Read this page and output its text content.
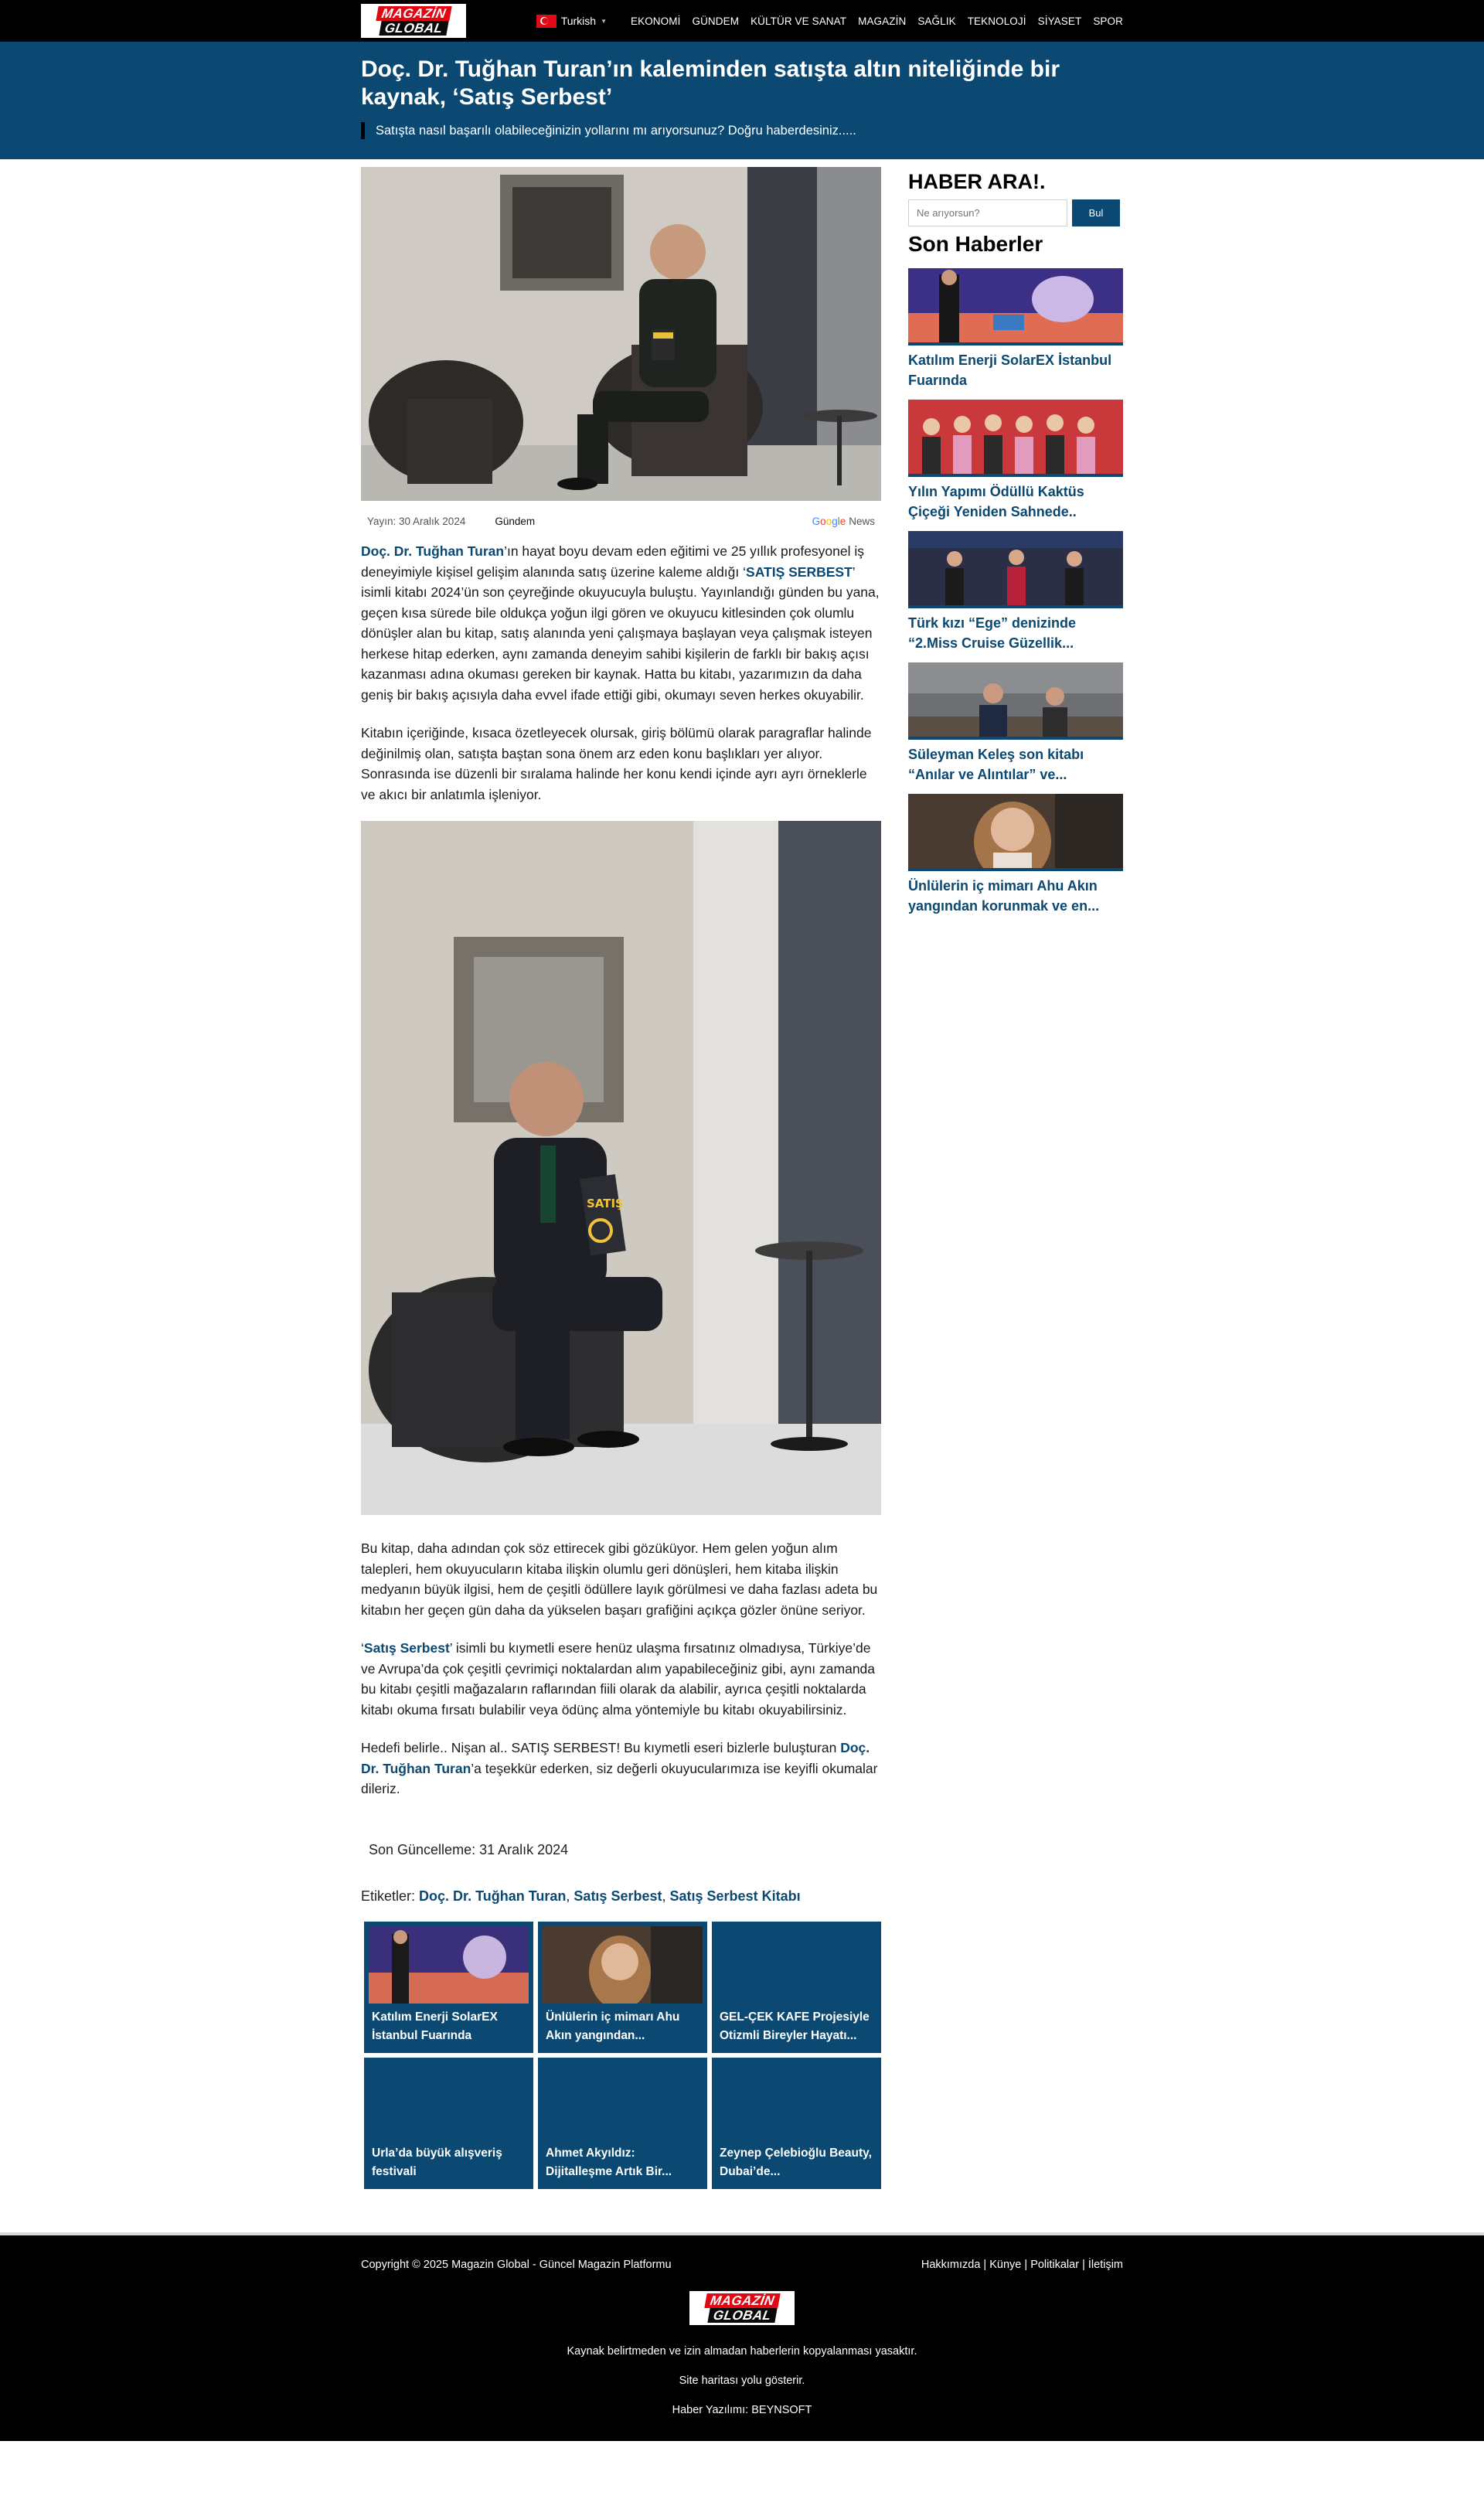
MAGAZİN
GLOBAL	Turkish ▼ EKONOMİ GÜNDEM KÜLTÜR VE SANAT MAGAZİN SAĞLIK TEKNOLOJİ SİYASET SPOR
Doç. Dr. Tuğhan Turan’ın kaleminden satışta altın niteliğinde bir kaynak, ‘Satış Serbest’
Satışta nasıl başarılı olabileceğinizin yollarını mı arıyorsunuz? Doğru haberdesiniz.....
Yayın: 30 Aralık 2024	Gündem	Google News

Doç. Dr. Tuğhan Turan’ın hayat boyu devam eden eğitimi ve 25 yıllık profesyonel iş deneyimiyle kişisel gelişim alanında satış üzerine kaleme aldığı ‘SATIŞ SERBEST’ isimli kitabı 2024’ün son çeyreğinde okuyucuyla buluştu. Yayınlandığı günden bu yana, geçen kısa sürede bile oldukça yoğun ilgi gören ve okuyucu kitlesinden çok olumlu dönüşler alan bu kitap, satış alanında yeni çalışmaya başlayan veya çalışmak isteyen herkese hitap ederken, aynı zamanda deneyim sahibi kişilerin de farklı bir bakış açısı kazanması adına okuması gereken bir kaynak. Hatta bu kitabı, yazarımızın da daha geniş bir bakış açısıyla daha evvel ifade ettiği gibi, okumayı seven herkes okuyabilir.

Kitabın içeriğinde, kısaca özetleyecek olursak, giriş bölümü olarak paragraflar halinde değinilmiş olan, satışta baştan sona önem arz eden konu başlıkları yer alıyor. Sonrasında ise düzenli bir sıralama halinde her konu kendi içinde ayrı ayrı örneklerle ve akıcı bir anlatımla işleniyor.

SATIŞ

Bu kitap, daha adından çok söz ettirecek gibi gözüküyor. Hem gelen yoğun alım talepleri, hem okuyucuların kitaba ilişkin olumlu geri dönüşleri, hem kitaba ilişkin medyanın büyük ilgisi, hem de çeşitli ödüllere layık görülmesi ve daha fazlası adeta bu kitabın her geçen gün daha da yükselen başarı grafiğini açıkça gözler önüne seriyor.

‘Satış Serbest’ isimli bu kıymetli esere henüz ulaşma fırsatınız olmadıysa, Türkiye’de ve Avrupa’da çok çeşitli çevrimiçi noktalardan alım yapabileceğiniz gibi, aynı zamanda bu kitabı çeşitli mağazaların raflarından fiili olarak da alabilir, ayrıca çeşitli noktalarda kitabı okuma fırsatı bulabilir veya ödünç alma yöntemiyle bu kitabı okuyabilirsiniz.

Hedefi belirle.. Nişan al.. SATIŞ SERBEST! Bu kıymetli eseri bizlerle buluşturan Doç. Dr. Tuğhan Turan’a teşekkür ederken, siz değerli okuyucularımıza ise keyifli okumalar dileriz.

Son Güncelleme: 31 Aralık 2024
Etiketler: Doç. Dr. Tuğhan Turan, Satış Serbest, Satış Serbest Kitabı
Katılım Enerji SolarEX İstanbul Fuarında
Ünlülerin iç mimarı Ahu Akın yangından...
GEL-ÇEK KAFE Projesiyle Otizmli Bireyler Hayatı...
Urla’da büyük alışveriş festivali
Ahmet Akyıldız: Dijitalleşme Artık Bir...
Zeynep Çelebioğlu Beauty, Dubai’de...
HABER ARA!.
Ne arıyorsun?
Bul
Son Haberler
Katılım Enerji SolarEX İstanbul Fuarında
Yılın Yapımı Ödüllü Kaktüs Çiçeği Yeniden Sahnede..
Türk kızı “Ege” denizinde “2.Miss Cruise Güzellik...
Süleyman Keleş son kitabı “Anılar ve Alıntılar” ve...
Ünlülerin iç mimarı Ahu Akın yangından korunmak ve en...
Copyright © 2025 Magazin Global - Güncel Magazin Platformu	Hakkımızda | Künye | Politikalar | İletişim
MAGAZİN
GLOBAL
Kaynak belirtmeden ve izin almadan haberlerin kopyalanması yasaktır.
Site haritası yolu gösterir.
Haber Yazılımı: BEYNSOFT
